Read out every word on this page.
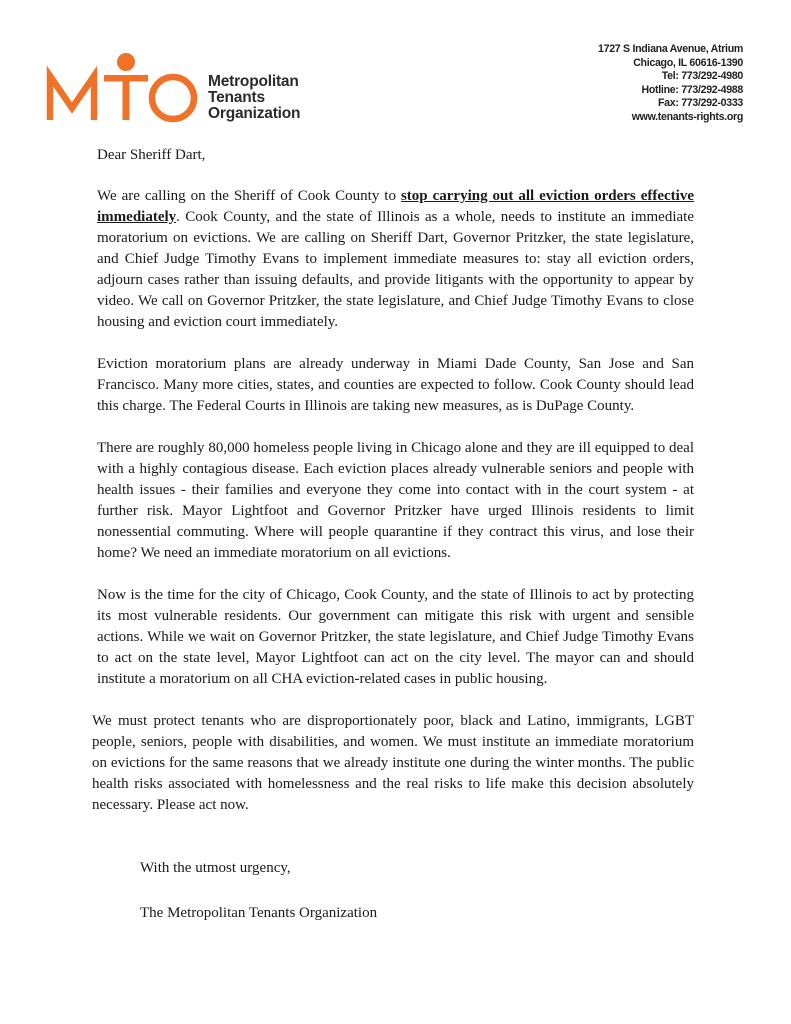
Metropolitan
Tenants
Organization
1727 S Indiana Avenue, Atrium
Chicago, IL 60616-1390
Tel: 773/292-4980
Hotline: 773/292-4988
Fax: 773/292-0333
www.tenants-rights.org

Dear Sheriff Dart,

We are calling on the Sheriff of Cook County to stop carrying out all eviction orders effective immediately. Cook County, and the state of Illinois as a whole, needs to institute an immediate moratorium on evictions. We are calling on Sheriff Dart, Governor Pritzker, the state legislature, and Chief Judge Timothy Evans to implement immediate measures to: stay all eviction orders, adjourn cases rather than issuing defaults, and provide litigants with the opportunity to appear by video. We call on Governor Pritzker, the state legislature, and Chief Judge Timothy Evans to close housing and eviction court immediately.

Eviction moratorium plans are already underway in Miami Dade County, San Jose and San Francisco. Many more cities, states, and counties are expected to follow. Cook County should lead this charge. The Federal Courts in Illinois are taking new measures, as is DuPage County.

There are roughly 80,000 homeless people living in Chicago alone and they are ill equipped to deal with a highly contagious disease. Each eviction places already vulnerable seniors and people with health issues - their families and everyone they come into contact with in the court system - at further risk. Mayor Lightfoot and Governor Pritzker have urged Illinois residents to limit nonessential commuting. Where will people quarantine if they contract this virus, and lose their home? We need an immediate moratorium on all evictions.

Now is the time for the city of Chicago, Cook County, and the state of Illinois to act by protecting its most vulnerable residents. Our government can mitigate this risk with urgent and sensible actions. While we wait on Governor Pritzker, the state legislature, and Chief Judge Timothy Evans to act on the state level, Mayor Lightfoot can act on the city level. The mayor can and should institute a moratorium on all CHA eviction-related cases in public housing.

We must protect tenants who are disproportionately poor, black and Latino, immigrants, LGBT people, seniors, people with disabilities, and women. We must institute an immediate moratorium on evictions for the same reasons that we already institute one during the winter months. The public health risks associated with homelessness and the real risks to life make this decision absolutely necessary. Please act now.

With the utmost urgency,
The Metropolitan Tenants Organization
